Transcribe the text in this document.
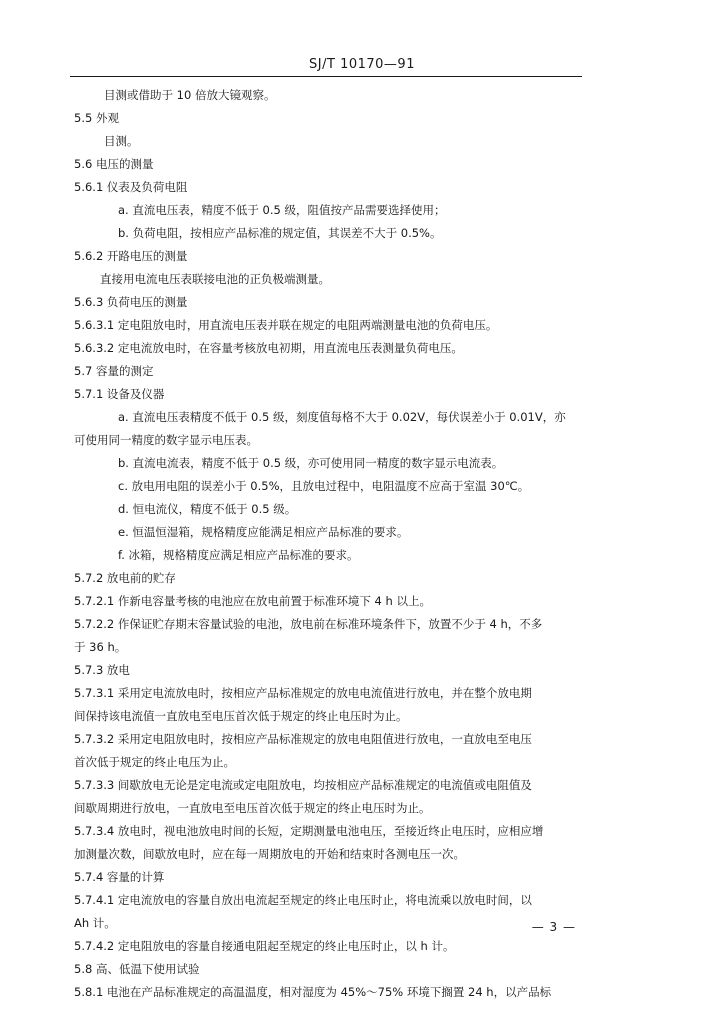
SJ/T 10170—91
目测或借助于 10 倍放大镜观察。
5.5 外观
目测。
5.6 电压的测量
5.6.1 仪表及负荷电阻
a. 直流电压表，精度不低于 0.5 级，阻值按产品需要选择使用；
b. 负荷电阻，按相应产品标准的规定值，其误差不大于 0.5%。
5.6.2 开路电压的测量
直接用电流电压表联接电池的正负极端测量。
5.6.3 负荷电压的测量
5.6.3.1 定电阻放电时，用直流电压表并联在规定的电阻两端测量电池的负荷电压。
5.6.3.2 定电流放电时，在容量考核放电初期，用直流电压表测量负荷电压。
5.7 容量的测定
5.7.1 设备及仪器
a. 直流电压表精度不低于 0.5 级，刻度值每格不大于 0.02V，每伏误差小于 0.01V，亦
可使用同一精度的数字显示电压表。
b. 直流电流表，精度不低于 0.5 级，亦可使用同一精度的数字显示电流表。
c. 放电用电阻的误差小于 0.5%，且放电过程中，电阻温度不应高于室温 30℃。
d. 恒电流仪，精度不低于 0.5 级。
e. 恒温恒湿箱，规格精度应能满足相应产品标准的要求。
f. 冰箱，规格精度应满足相应产品标准的要求。
5.7.2 放电前的贮存
5.7.2.1 作新电容量考核的电池应在放电前置于标准环境下 4 h 以上。
5.7.2.2 作保证贮存期末容量试验的电池，放电前在标准环境条件下，放置不少于 4 h，不多
于 36 h。
5.7.3 放电
5.7.3.1 采用定电流放电时，按相应产品标准规定的放电电流值进行放电，并在整个放电期
间保持该电流值一直放电至电压首次低于规定的终止电压时为止。
5.7.3.2 采用定电阻放电时，按相应产品标准规定的放电电阻值进行放电，一直放电至电压
首次低于规定的终止电压为止。
5.7.3.3 间歇放电无论是定电流或定电阻放电，均按相应产品标准规定的电流值或电阻值及
间歇周期进行放电，一直放电至电压首次低于规定的终止电压时为止。
5.7.3.4 放电时，视电池放电时间的长短，定期测量电池电压，至接近终止电压时，应相应增
加测量次数，间歇放电时，应在每一周期放电的开始和结束时各测电压一次。
5.7.4 容量的计算
5.7.4.1 定电流放电的容量自放出电流起至规定的终止电压时止，将电流乘以放电时间，以
Ah 计。
5.7.4.2 定电阻放电的容量自接通电阻起至规定的终止电压时止，以 h 计。
5.8 高、低温下使用试验
5.8.1 电池在产品标准规定的高温温度，相对湿度为 45%～75% 环境下搁置 24 h，以产品标
— 3 —
